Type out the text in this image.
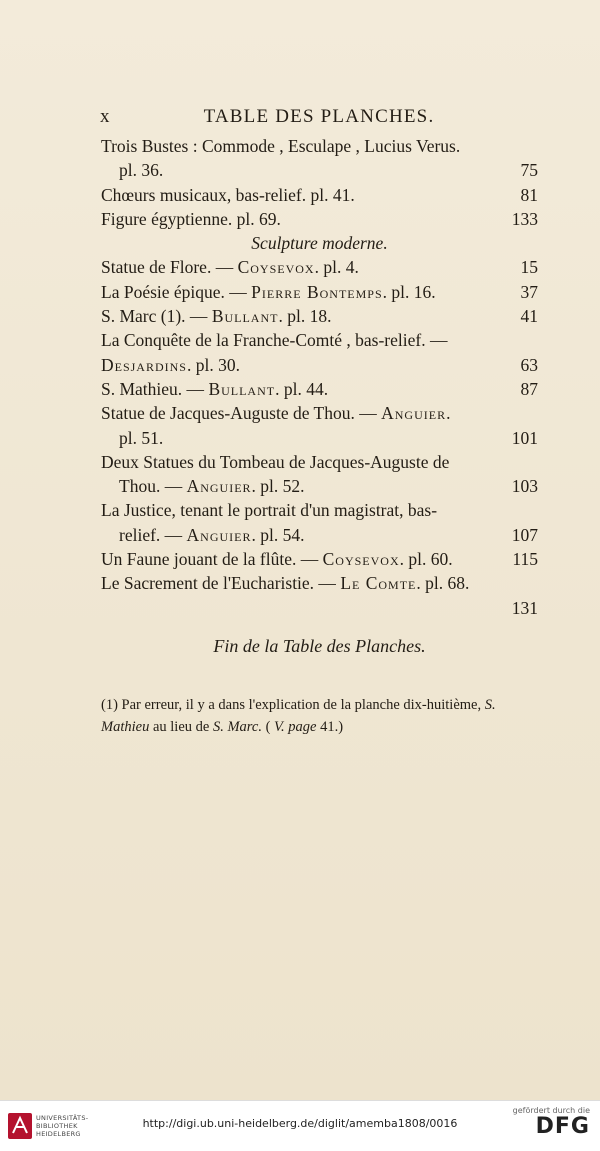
x	TABLE DES PLANCHES.
Trois Bustes : Commode , Esculape , Lucius Verus.
pl. 36.	75
Chœurs musicaux, bas-relief. pl. 41.	81
Figure égyptienne. pl. 69.	133
Sculpture moderne.
Statue de Flore. — Coysevox. pl. 4.	15
La Poésie épique. — Pierre Bontemps. pl. 16.	37
S. Marc (1). — Bullant. pl. 18.	41
La Conquête de la Franche-Comté , bas-relief. —
Desjardins. pl. 30.	63
S. Mathieu. — Bullant. pl. 44.	87
Statue de Jacques-Auguste de Thou. — Anguier.
pl. 51.	101
Deux Statues du Tombeau de Jacques-Auguste de
Thou. — Anguier. pl. 52.	103
La Justice, tenant le portrait d'un magistrat, bas-
relief. — Anguier. pl. 54.	107
Un Faune jouant de la flûte. — Coysevox. pl. 60.	115
Le Sacrement de l'Eucharistie. — Le Comte. pl. 68.
131
Fin de la Table des Planches.
(1) Par erreur, il y a dans l'explication de la planche dix-huitième, S. Mathieu au lieu de S. Marc. ( V. page 41.)
UNIVERSITÄTS-
BIBLIOTHEK
HEIDELBERG
http://digi.ub.uni-heidelberg.de/diglit/amemba1808/0016
gefördert durch die
DFG
